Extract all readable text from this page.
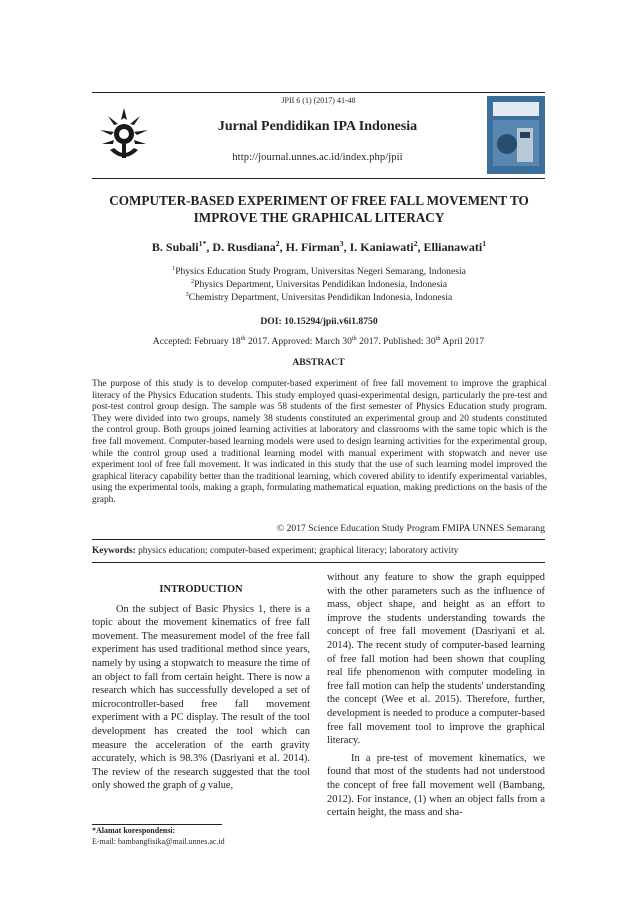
JPII 6 (1) (2017) 41-48
Jurnal Pendidikan IPA Indonesia
http://journal.unnes.ac.id/index.php/jpii
COMPUTER-BASED EXPERIMENT OF FREE FALL MOVEMENT TO
IMPROVE THE GRAPHICAL LITERACY
B. Subali$^{1*}$, D. Rusdiana$^2$, H. Firman$^3$, I. Kaniawati$^2$, Ellianawati$^1$
$^1$Physics Education Study Program, Universitas Negeri Semarang, Indonesia
$^2$Physics Department, Universitas Pendidikan Indonesia, Indonesia
$^3$Chemistry Department, Universitas Pendidikan Indonesia, Indonesia
DOI: 10.15294/jpii.v6i1.8750
Accepted: February 18th 2017. Approved: March 30th 2017. Published: 30th April 2017
ABSTRACT
The purpose of this study is to develop computer-based experiment of free fall movement to improve the graphical literacy of the Physics Education students. This study employed quasi-experimental design, particularly the pre-test and post-test control group design. The sample was 58 students of the first semester of Physics Education study program. They were divided into two groups, namely 38 students constituted an experimental group and 20 students constituted the control group. Both groups joined learning activities at laboratory and classrooms with the same topic which is the free fall movement. Computer-based learning models were used to design learning activities for the experimental group, while the control group used a traditional learning model with manual experiment with stopwatch and never use experiment tool of free fall movement. It was indicated in this study that the use of such learning model improved the graphical literacy capability better than the traditional learning, which covered ability to identify experimental variables, using the experimental tools, making a graph, formulating mathematical equation, making predictions on the basis of the graph.
© 2017 Science Education Study Program FMIPA UNNES Semarang
Keywords: physics education; computer-based experiment; graphical literacy; laboratory activity
INTRODUCTION
On the subject of Basic Physics 1, there is a topic about the movement kinematics of free fall movement. The measurement model of the free fall experiment has used traditional method since years, namely by using a stopwatch to measure the time of an object to fall from certain height. There is now a research which has successfully developed a set of microcontroller-based free fall movement experiment with a PC display. The result of the tool development has created the tool which can measure the acceleration of the earth gravity accurately, which is 98.3% (Dasriyani et al. 2014). The review of the research suggested that the tool only showed the graph of g value,
without any feature to show the graph equipped with the other parameters such as the influence of mass, object shape, and height as an effort to improve the students understanding towards the concept of free fall movement (Dasriyani et al. 2014). The recent study of computer-based learning of free fall motion had been shown that coupling real life phenomenon with computer modeling in free fall motion can help the students' understanding the concept (Wee et al. 2015). Therefore, further, development is needed to produce a computer-based free fall movement tool to improve the graphical literacy.
In a pre-test of movement kinematics, we found that most of the students had not understood the concept of free fall movement well (Bambang, 2012). For instance, (1) when an object falls from a certain height, the mass and sha-
*Alamat korespondensi:
E-mail: bambangfisika@mail.unnes.ac.id
